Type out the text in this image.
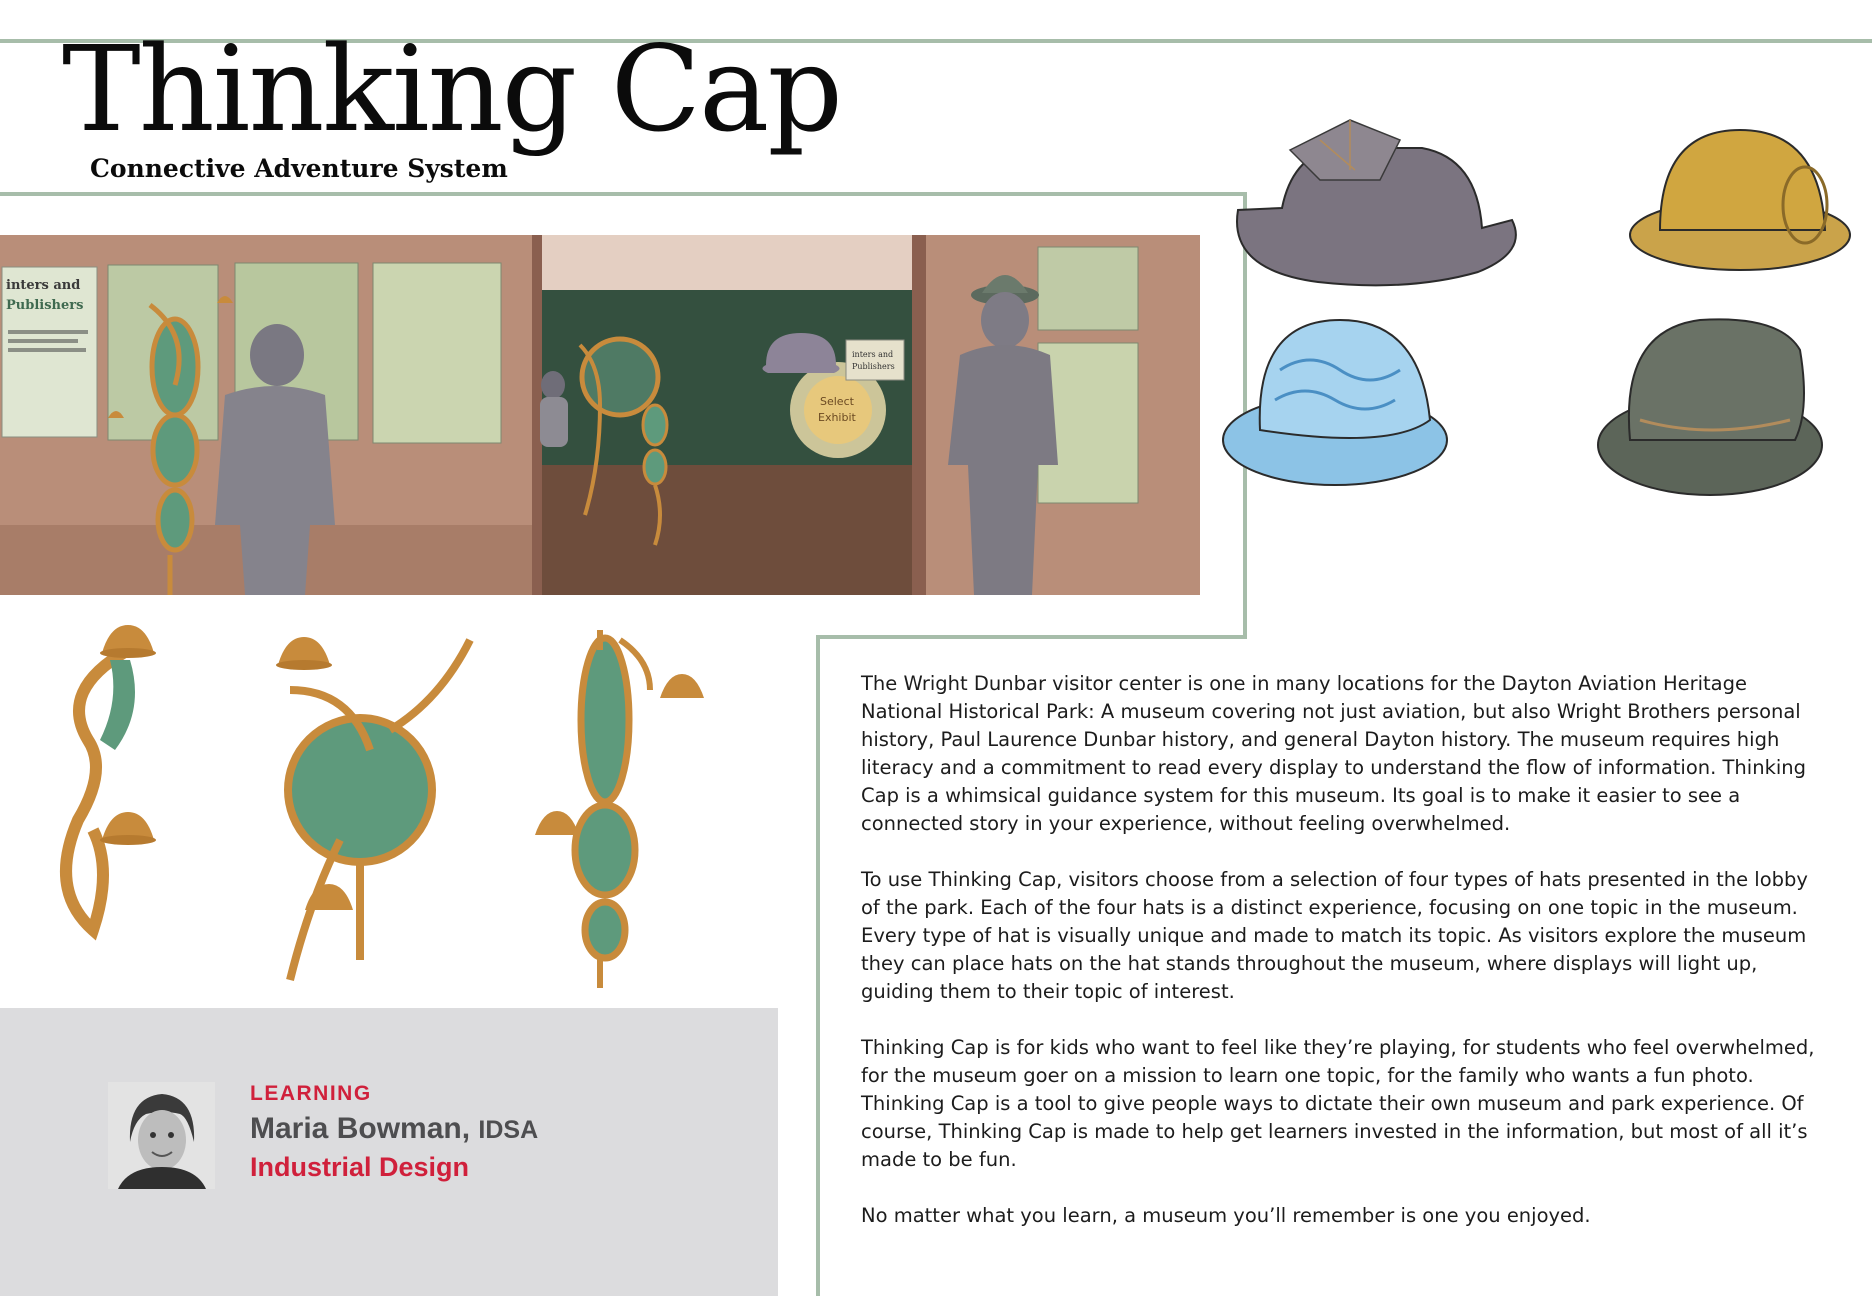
Thinking Cap
Connective Adventure System
inters and
Publishers
Select
Exhibit
inters and
Publishers
LEARNING
Maria Bowman, IDSA
Industrial Design

The Wright Dunbar visitor center is one in many locations for the Dayton Aviation Heritage National Historical Park: A museum covering not just aviation, but also Wright Brothers personal history, Paul Laurence Dunbar history, and general Dayton history. The museum requires high literacy and a commitment to read every display to understand the flow of information. Thinking Cap is a whimsical guidance system for this museum. Its goal is to make it easier to see a connected story in your experience, without feeling overwhelmed.

To use Thinking Cap, visitors choose from a selection of four types of hats presented in the lobby of the park. Each of the four hats is a distinct experience, focusing on one topic in the museum. Every type of hat is visually unique and made to match its topic. As visitors explore the museum they can place hats on the hat stands throughout the museum, where displays will light up, guiding them to their topic of interest.

Thinking Cap is for kids who want to feel like they’re playing, for students who feel overwhelmed, for the museum goer on a mission to learn one topic, for the family who wants a fun photo. Thinking Cap is a tool to give people ways to dictate their own museum and park experience. Of course, Thinking Cap is made to help get learners invested in the information, but most of all it’s made to be fun.

No matter what you learn, a museum you’ll remember is one you enjoyed.
